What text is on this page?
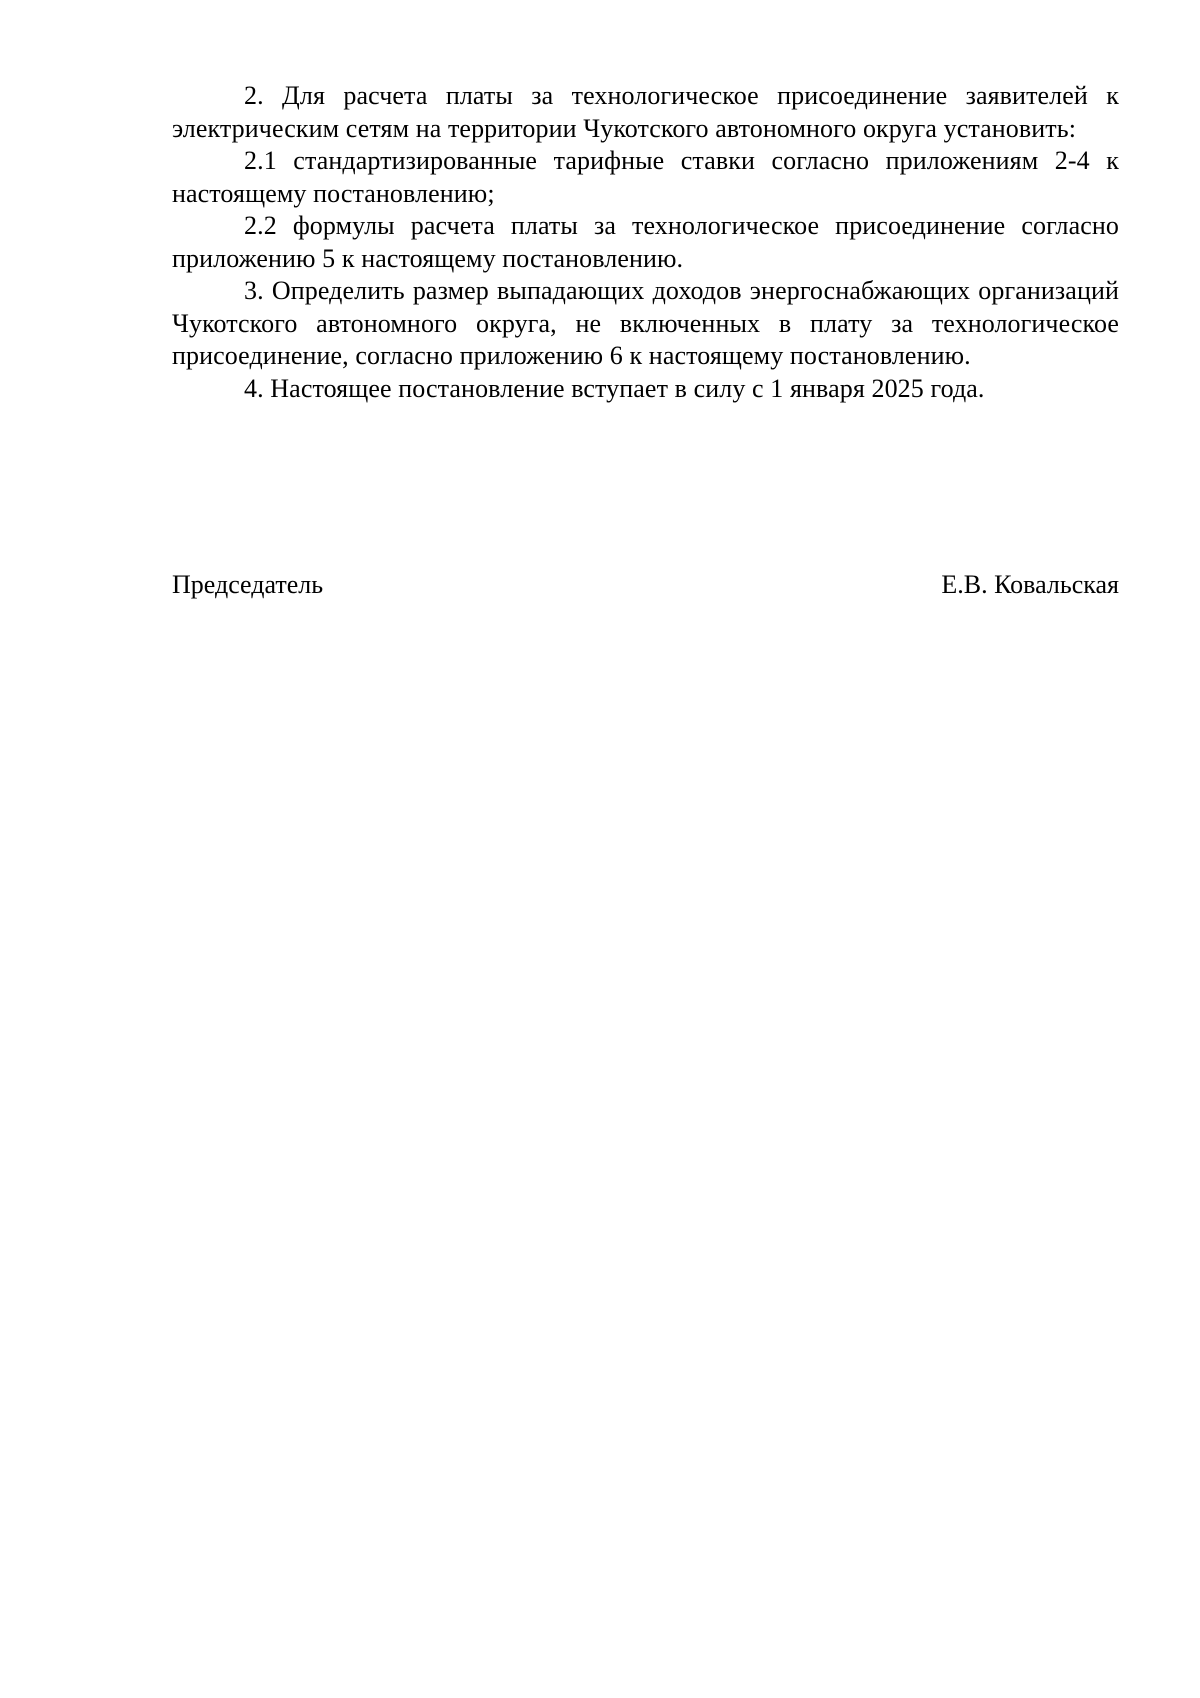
2. Для расчета платы за технологическое присоединение заявителей к электрическим сетям на территории Чукотского автономного округа установить:

2.1 стандартизированные тарифные ставки согласно приложениям 2-4 к настоящему постановлению;

2.2 формулы расчета платы за технологическое присоединение согласно приложению 5 к настоящему постановлению.

3. Определить размер выпадающих доходов энергоснабжающих организаций Чукотского автономного округа, не включенных в плату за технологическое присоединение, согласно приложению 6 к настоящему постановлению.

4. Настоящее постановление вступает в силу с 1 января 2025 года.

Председатель	Е.В. Ковальская
